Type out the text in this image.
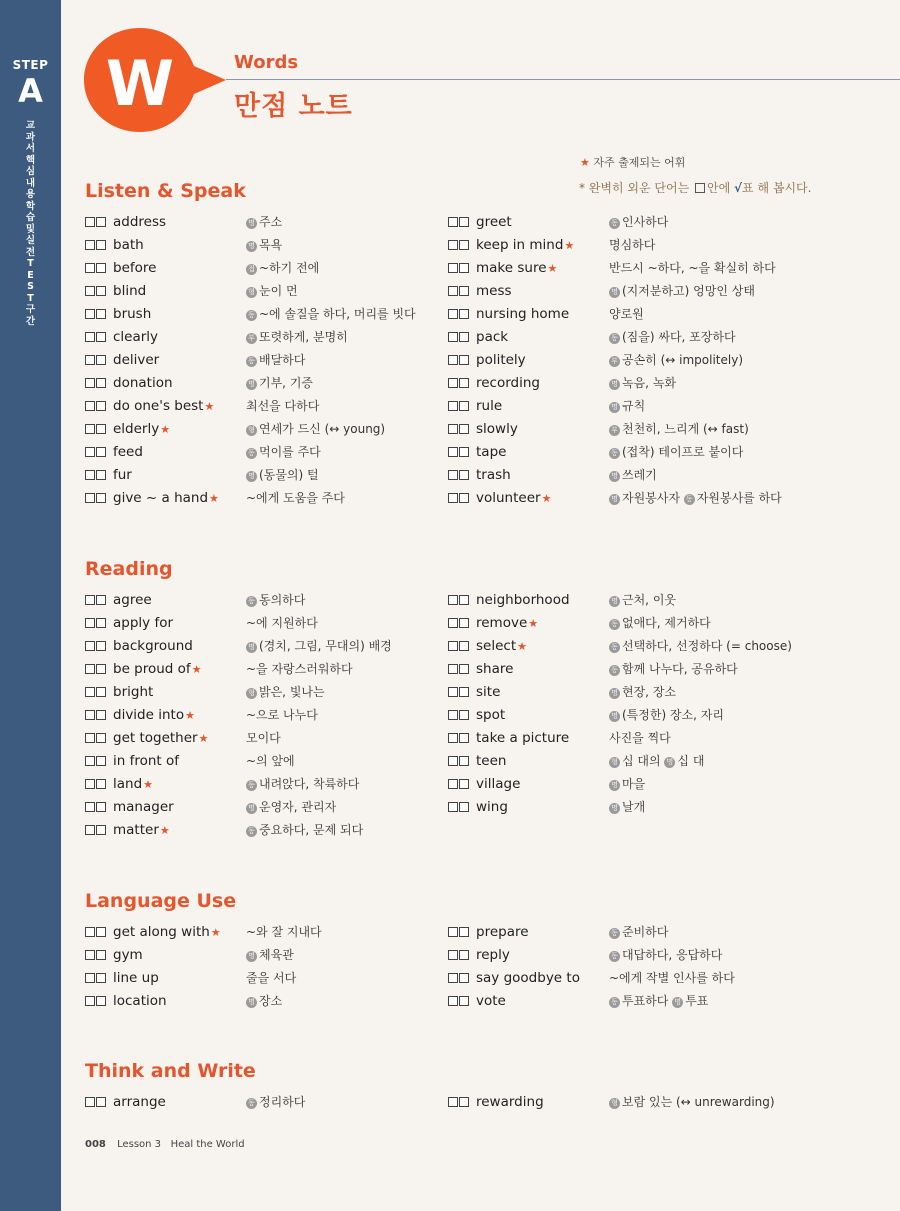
STEP
A
교과서핵심내용학습및실전TEST구간
W	Words
만점 노트
★ 자주 출제되는 어휘
* 완벽히 외운 단어는 안에 √표 해 봅시다.
Listen & Speak
address	명 주소	greet	동 인사하다
bath	명 목욕	keep in mind★	명심하다
before	접 ~하기 전에	make sure★	반드시 ~하다, ~을 확실히 하다
blind	형 눈이 먼	mess	명 (지저분하고) 엉망인 상태
brush	동 ~에 솔질을 하다, 머리를 빗다	nursing home	양로원
clearly	부 또렷하게, 분명히	pack	동 (짐을) 싸다, 포장하다
deliver	동 배달하다	politely	부 공손히 (↔ impolitely)
donation	명 기부, 기증	recording	명 녹음, 녹화
do one's best★	최선을 다하다	rule	명 규칙
elderly★	형 연세가 드신 (↔ young)	slowly	부 천천히, 느리게 (↔ fast)
feed	동 먹이를 주다	tape	동 (접착) 테이프로 붙이다
fur	명 (동물의) 털	trash	명 쓰레기
give ~ a hand★ ~에게 도움을 주다	volunteer★	명 자원봉사자 동 자원봉사를 하다
Reading
agree	동 동의하다	neighborhood	명 근처, 이웃
apply for	~에 지원하다	remove★	동 없애다, 제거하다
background	명 (경치, 그림, 무대의) 배경	select★	동 선택하다, 선정하다 (= choose)
be proud of★	~을 자랑스러워하다	share	동 함께 나누다, 공유하다
bright	형 밝은, 빛나는	site	명 현장, 장소
divide into★	~으로 나누다	spot	명 (특정한) 장소, 자리
get together★	모이다	take a picture	사진을 찍다
in front of	~의 앞에	teen	형 십 대의 명 십 대
land★	동 내려앉다, 착륙하다	village	명 마을
manager	명 운영자, 관리자	wing	명 날개
matter★	동 중요하다, 문제 되다
Language Use
get along with★ ~와 잘 지내다	prepare	동 준비하다
gym	명 체육관	reply	동 대답하다, 응답하다
line up	줄을 서다	say goodbye to ~에게 작별 인사를 하다
location	명 장소	vote	동 투표하다 명 투표
Think and Write
arrange	동 정리하다	rewarding	형 보람 있는 (↔ unrewarding)
008 Lesson 3 Heal the World
